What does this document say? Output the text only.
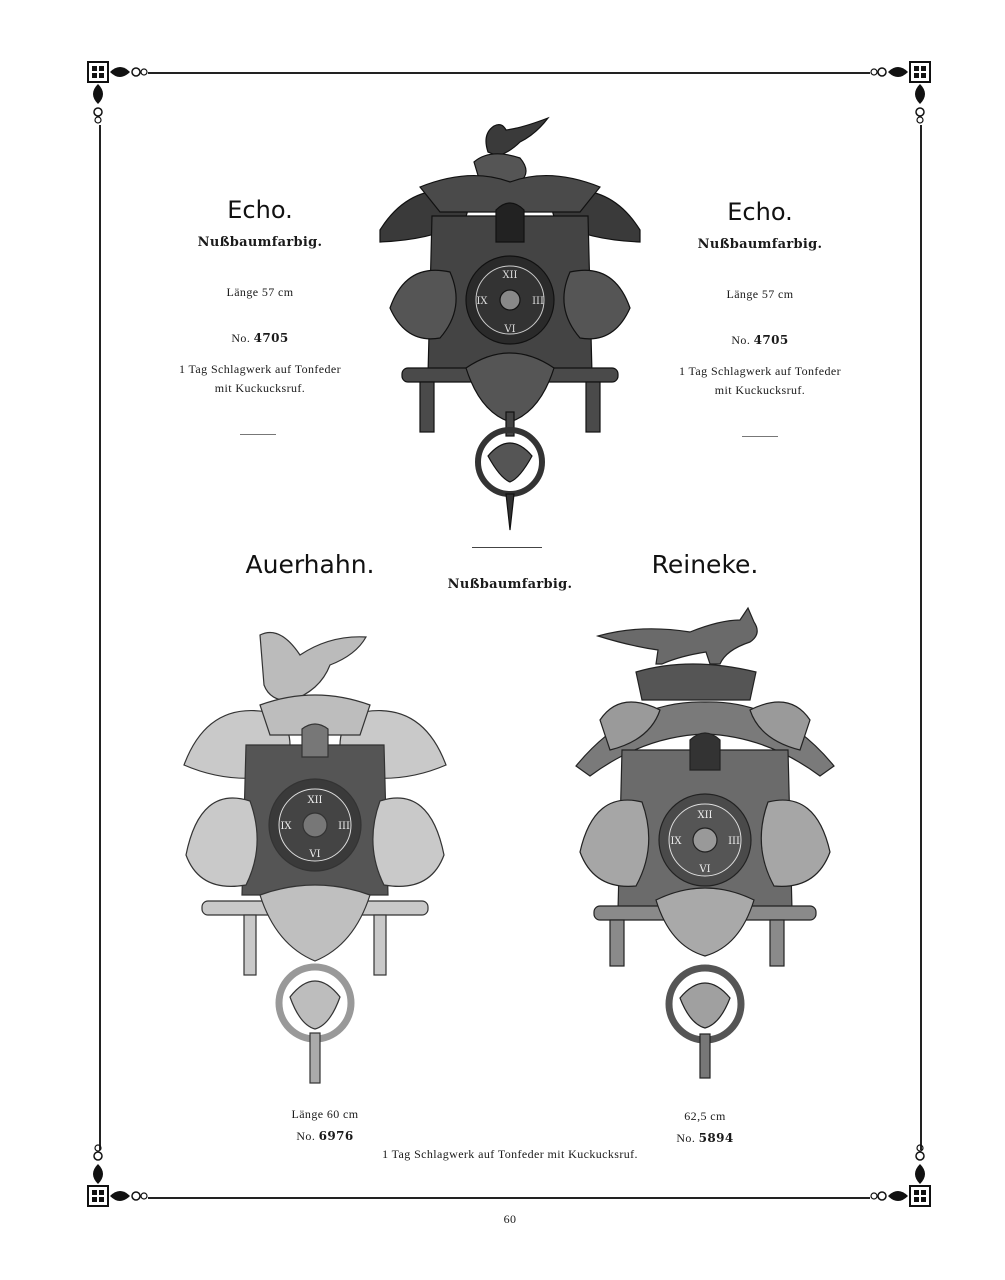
Echo.
Nußbaumfarbig.
Länge 57 cm
No. 4705
1 Tag Schlagwerk auf Tonfeder
mit Kuckucksruf.
Echo.
Nußbaumfarbig.
Länge 57 cm
No. 4705
1 Tag Schlagwerk auf Tonfeder
mit Kuckucksruf.
XII
VI
IX	III
Auerhahn.
Nußbaumfarbig.
Reineke.
XII
VI
IX	III
XII
VI
IX	III
Länge 60 cm
No. 6976
62,5 cm
No. 5894
1 Tag Schlagwerk auf Tonfeder mit Kuckucksruf.
60
